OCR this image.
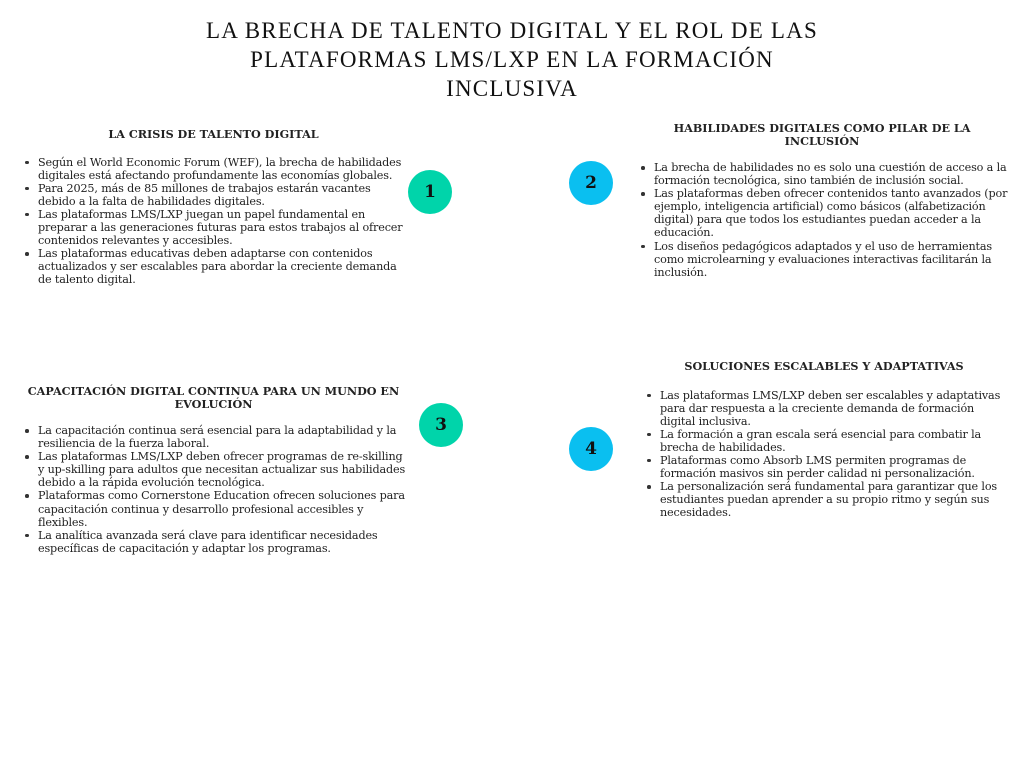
LA BRECHA DE TALENTO DIGITAL Y EL ROL DE LAS
PLATAFORMAS LMS/LXP EN LA FORMACIÓN
INCLUSIVA
LA CRISIS DE TALENTO DIGITAL
Según el World Economic Forum (WEF), la brecha de habilidades digitales está afectando profundamente las economías globales.
Para 2025, más de 85 millones de trabajos estarán vacantes debido a la falta de habilidades digitales.
Las plataformas LMS/LXP juegan un papel fundamental en preparar a las generaciones futuras para estos trabajos al ofrecer contenidos relevantes y accesibles.
Las plataformas educativas deben adaptarse con contenidos actualizados y ser escalables para abordar la creciente demanda de talento digital.
1
HABILIDADES DIGITALES COMO PILAR DE LA INCLUSIÓN
La brecha de habilidades no es solo una cuestión de acceso a la formación tecnológica, sino también de inclusión social.
Las plataformas deben ofrecer contenidos tanto avanzados (por ejemplo, inteligencia artificial) como básicos (alfabetización digital) para que todos los estudiantes puedan acceder a la educación.
Los diseños pedagógicos adaptados y el uso de herramientas como microlearning y evaluaciones interactivas facilitarán la inclusión.
2
CAPACITACIÓN DIGITAL CONTINUA PARA UN MUNDO EN EVOLUCIÓN
La capacitación continua será esencial para la adaptabilidad y la resiliencia de la fuerza laboral.
Las plataformas LMS/LXP deben ofrecer programas de re-skilling y up-skilling para adultos que necesitan actualizar sus habilidades debido a la rápida evolución tecnológica.
Plataformas como Cornerstone Education ofrecen soluciones para capacitación continua y desarrollo profesional accesibles y flexibles.
La analítica avanzada será clave para identificar necesidades específicas de capacitación y adaptar los programas.
3
SOLUCIONES ESCALABLES Y ADAPTATIVAS
Las plataformas LMS/LXP deben ser escalables y adaptativas para dar respuesta a la creciente demanda de formación digital inclusiva.
La formación a gran escala será esencial para combatir la brecha de habilidades.
Plataformas como Absorb LMS permiten programas de formación masivos sin perder calidad ni personalización.
La personalización será fundamental para garantizar que los estudiantes puedan aprender a su propio ritmo y según sus necesidades.
4
